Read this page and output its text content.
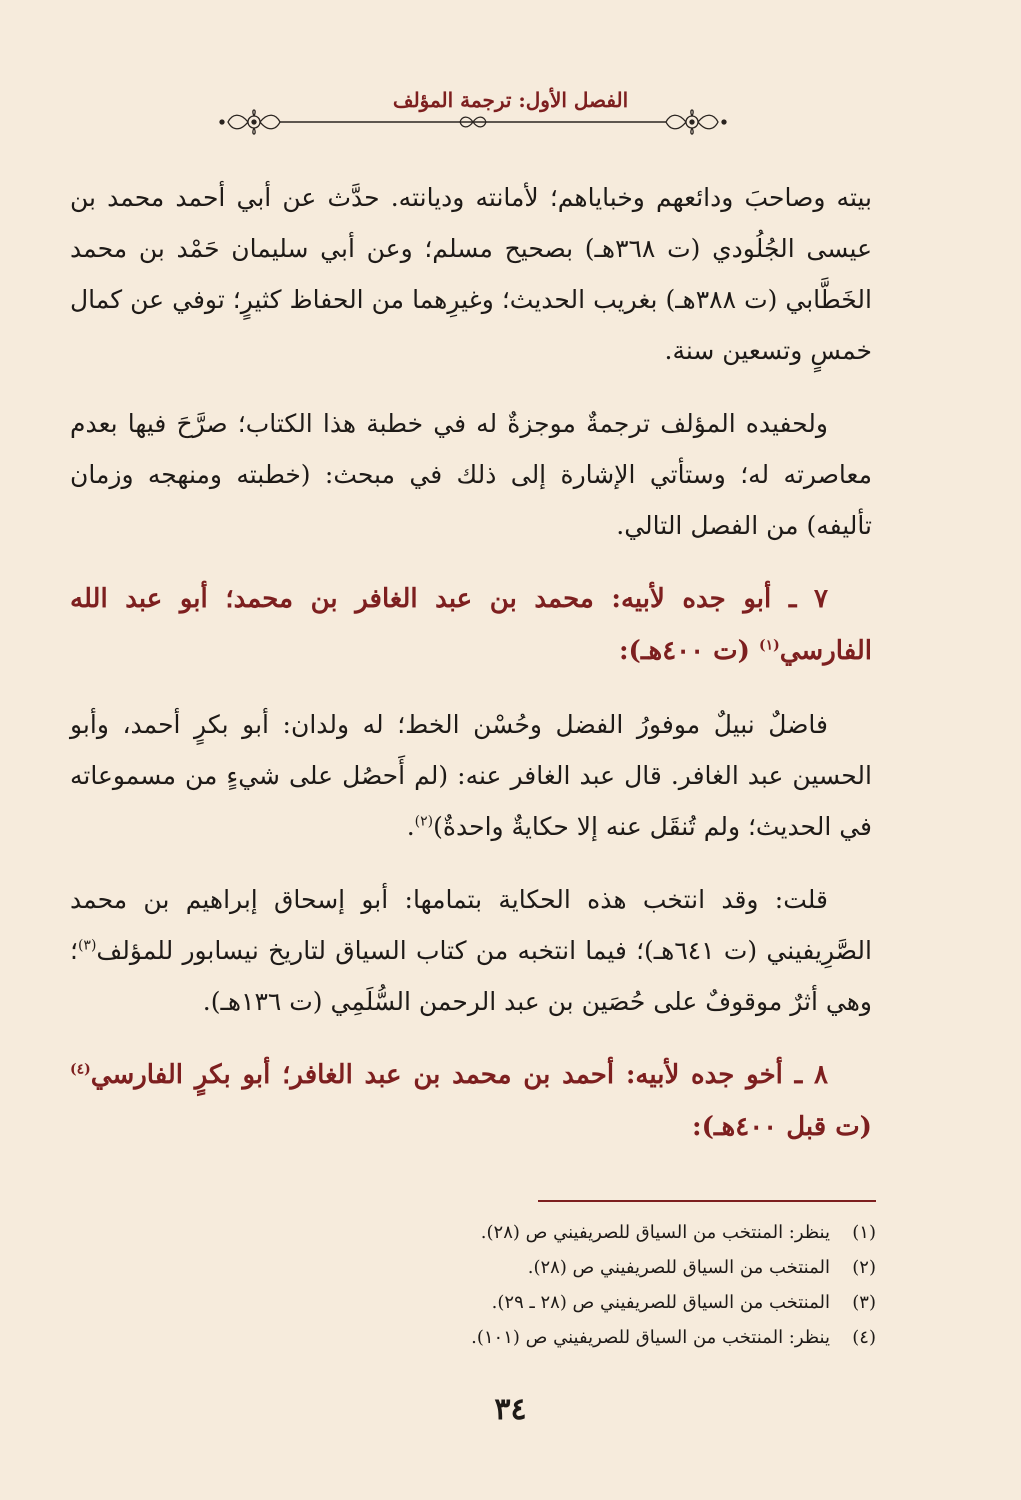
الفصل الأول: ترجمة المؤلف

بيته وصاحبَ ودائعهم وخباياهم؛ لأمانته وديانته. حدَّث عن أبي أحمد محمد بن عيسى الجُلُودي (ت ٣٦٨هـ) بصحيح مسلم؛ وعن أبي سليمان حَمْد بن محمد الخَطَّابي (ت ٣٨٨هـ) بغريب الحديث؛ وغيرِهما من الحفاظ كثيرٍ؛ توفي عن كمال خمسٍ وتسعين سنة.

ولحفيده المؤلف ترجمةٌ موجزةٌ له في خطبة هذا الكتاب؛ صرَّحَ فيها بعدم معاصرته له؛ وستأتي الإشارة إلى ذلك في مبحث: (خطبته ومنهجه وزمان تأليفه) من الفصل التالي.

٧ ـ أبو جده لأبيه: محمد بن عبد الغافر بن محمد؛ أبو عبد الله الفارسي$^{(١)}$ (ت ٤٠٠هـ):

فاضلٌ نبيلٌ موفورُ الفضل وحُسْن الخط؛ له ولدان: أبو بكرٍ أحمد، وأبو الحسين عبد الغافر. قال عبد الغافر عنه: (لم أَحصُل على شيءٍ من مسموعاته في الحديث؛ ولم تُنقَل عنه إلا حكايةٌ واحدةٌ)$^{(٢)}$.

قلت: وقد انتخب هذه الحكاية بتمامها: أبو إسحاق إبراهيم بن محمد الصَّرِيفيني (ت ٦٤١هـ)؛ فيما انتخبه من كتاب السياق لتاريخ نيسابور للمؤلف$^{(٣)}$؛ وهي أثرٌ موقوفٌ على حُصَين بن عبد الرحمن السُّلَمِي (ت ١٣٦هـ).

٨ ـ أخو جده لأبيه: أحمد بن محمد بن عبد الغافر؛ أبو بكرٍ الفارسي$^{(٤)}$ (ت قبل ٤٠٠هـ):

(١)
ينظر: المنتخب من السياق للصريفيني ص (٢٨).
(٢)
المنتخب من السياق للصريفيني ص (٢٨).
(٣)
المنتخب من السياق للصريفيني ص (٢٨ ـ ٢٩).
(٤)
ينظر: المنتخب من السياق للصريفيني ص (١٠١).
٣٤
